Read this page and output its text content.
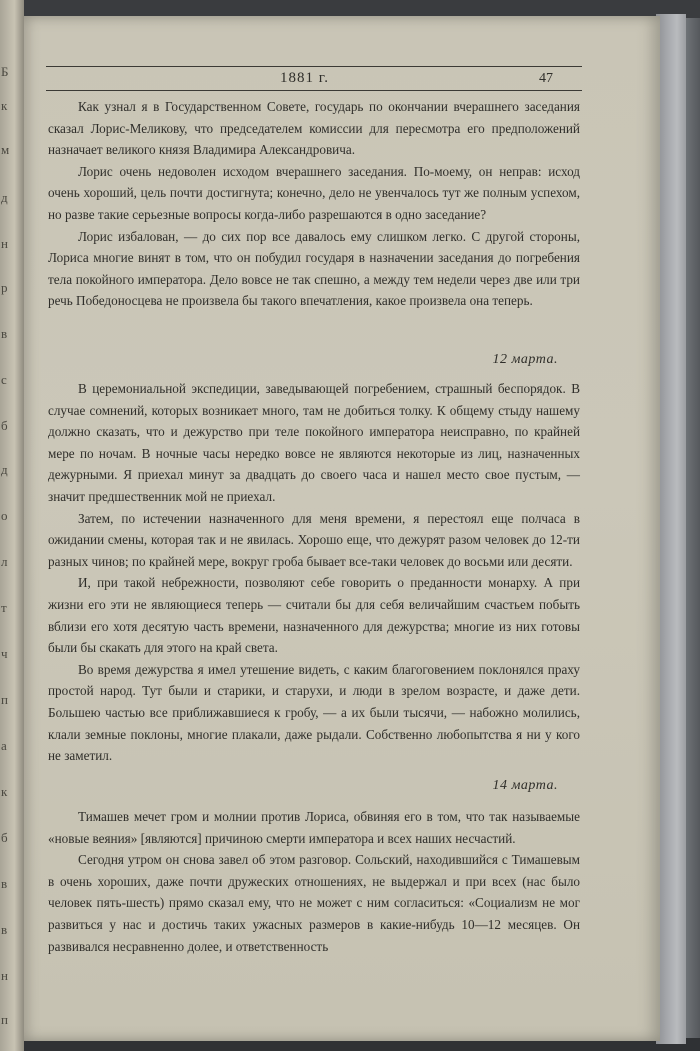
Б
к
м
д
н
р
в
с
б
д
о
л
т
ч
п
а
к
б
в
в
н
п
1881 г.	47

Как узнал я в Государственном Совете, государь по окончании вчерашнего заседания сказал Лорис-Меликову, что председателем комиссии для пересмотра его предположений назначает великого князя Владимира Александровича.

Лорис очень недоволен исходом вчерашнего заседания. По-моему, он неправ: исход очень хороший, цель почти достигнута; конечно, дело не увенчалось тут же полным успехом, но разве такие серьезные вопросы когда-либо разрешаются в одно заседание?

Лорис избалован, — до сих пор все давалось ему слишком легко. С другой стороны, Лориса многие винят в том, что он побудил государя в назначении заседания до погребения тела покойного императора. Дело вовсе не так спешно, а между тем недели через две или три речь Победоносцева не произвела бы такого впечатления, какое произвела она теперь.

12 марта.

В церемониальной экспедиции, заведывающей погребением, страшный беспорядок. В случае сомнений, которых возникает много, там не добиться толку. К общему стыду нашему должно сказать, что и дежурство при теле покойного императора неисправно, по крайней мере по ночам. В ночные часы нередко вовсе не являются некоторые из лиц, назначенных дежурными. Я приехал минут за двадцать до своего часа и нашел место свое пустым, — значит предшественник мой не приехал.

Затем, по истечении назначенного для меня времени, я перестоял еще полчаса в ожидании смены, которая так и не явилась. Хорошо еще, что дежурят разом человек до 12-ти разных чинов; по крайней мере, вокруг гроба бывает все-таки человек до восьми или десяти.

И, при такой небрежности, позволяют себе говорить о преданности монарху. А при жизни его эти не являющиеся теперь — считали бы для себя величайшим счастьем побыть вблизи его хотя десятую часть времени, назначенного для дежурства; многие из них готовы были бы скакать для этого на край света.

Во время дежурства я имел утешение видеть, с каким благоговением поклонялся праху простой народ. Тут были и старики, и старухи, и люди в зрелом возрасте, и даже дети. Большею частью все приближавшиеся к гробу, — а их были тысячи, — набожно молились, клали земные поклоны, многие плакали, даже рыдали. Собственно любопытства я ни у кого не заметил.

14 марта.

Тимашев мечет гром и молнии против Лориса, обвиняя его в том, что так называемые «новые веяния» [являются] причиною смерти императора и всех наших несчастий.

Сегодня утром он снова завел об этом разговор. Сольский, находившийся с Тимашевым в очень хороших, даже почти дружеских отношениях, не выдержал и при всех (нас было человек пять-шесть) прямо сказал ему, что не может с ним согласиться: «Социализм не мог развиться у нас и достичь таких ужасных размеров в какие-нибудь 10—12 месяцев. Он развивался несравненно долее, и ответственность
